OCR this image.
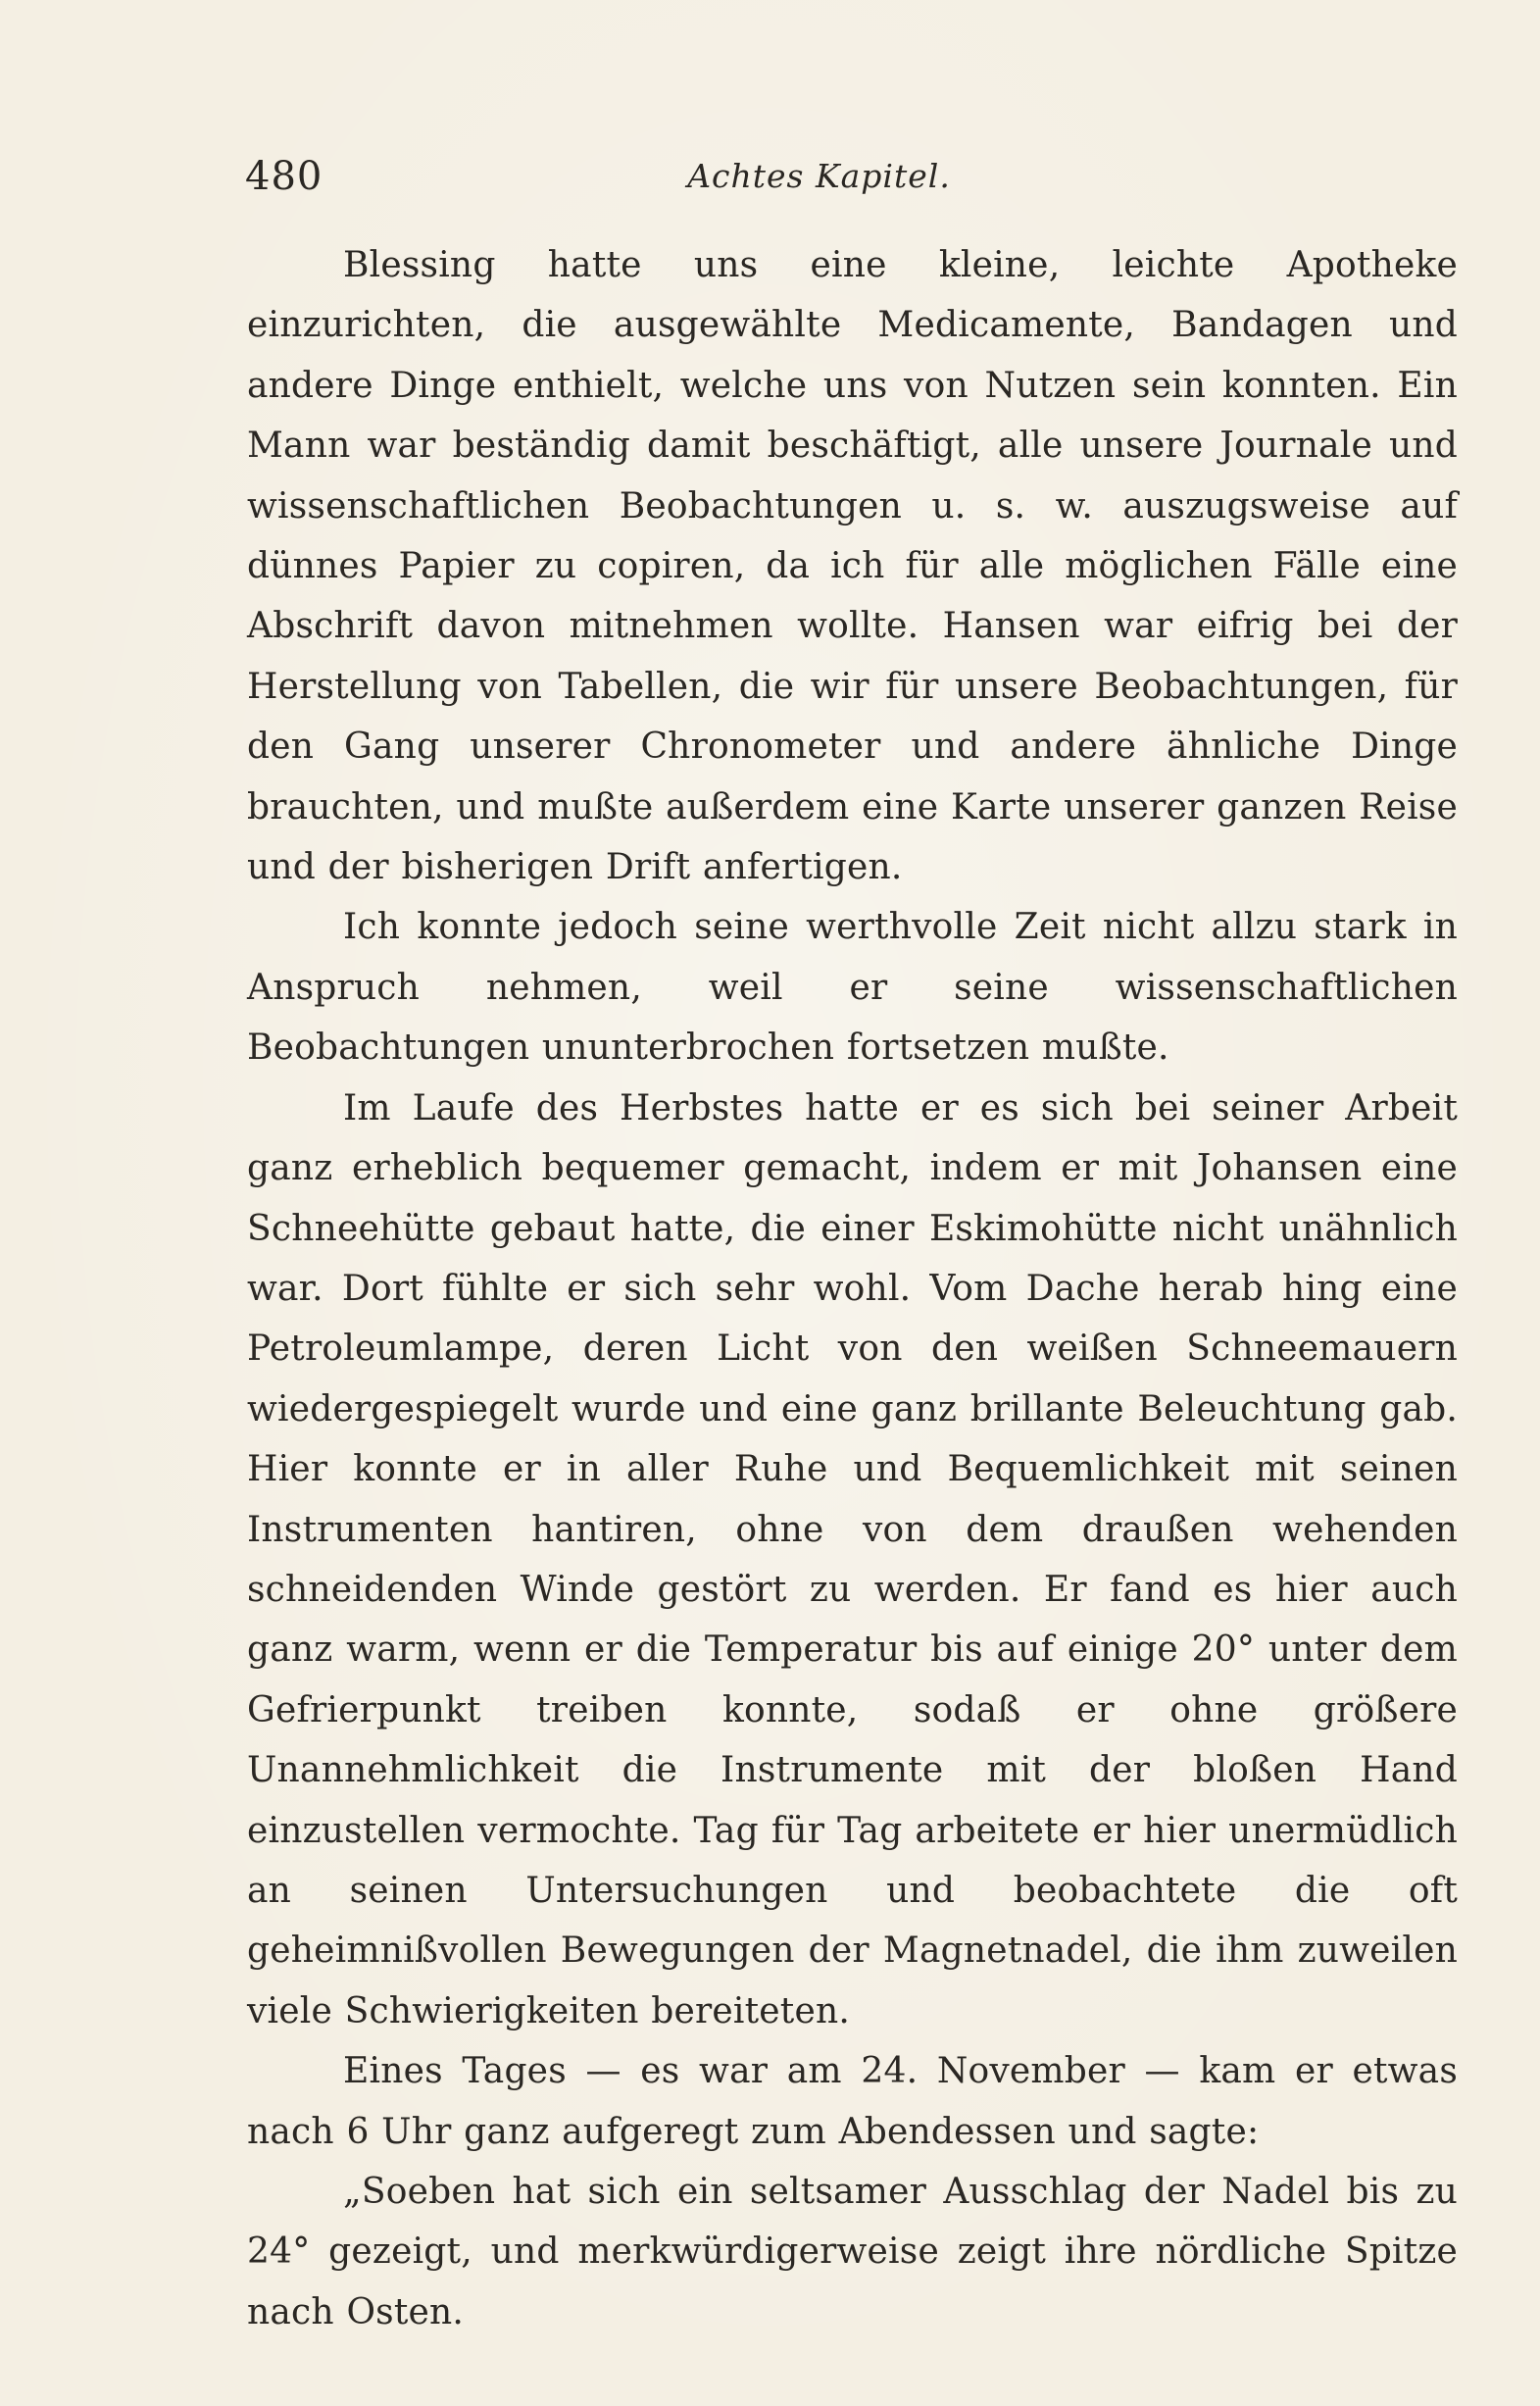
480	Achtes Kapitel.

Blessing hatte uns eine kleine, leichte Apotheke einzurichten, die ausgewählte Medicamente, Bandagen und andere Dinge enthielt, welche uns von Nutzen sein konnten. Ein Mann war beständig damit beschäftigt, alle unsere Journale und wissenschaftlichen Beobachtungen u. s. w. auszugsweise auf dünnes Papier zu copiren, da ich für alle möglichen Fälle eine Abschrift davon mitnehmen wollte. Hansen war eifrig bei der Herstellung von Tabellen, die wir für unsere Beobachtungen, für den Gang unserer Chronometer und andere ähnliche Dinge brauchten, und mußte außerdem eine Karte unserer ganzen Reise und der bisherigen Drift anfertigen.

Ich konnte jedoch seine werthvolle Zeit nicht allzu stark in Anspruch nehmen, weil er seine wissenschaftlichen Beobachtungen ununterbrochen fortsetzen mußte.

Im Laufe des Herbstes hatte er es sich bei seiner Arbeit ganz erheblich bequemer gemacht, indem er mit Johansen eine Schneehütte gebaut hatte, die einer Eskimohütte nicht unähnlich war. Dort fühlte er sich sehr wohl. Vom Dache herab hing eine Petroleumlampe, deren Licht von den weißen Schneemauern wiedergespiegelt wurde und eine ganz brillante Beleuchtung gab. Hier konnte er in aller Ruhe und Bequemlichkeit mit seinen Instrumenten hantiren, ohne von dem draußen wehenden schneidenden Winde gestört zu werden. Er fand es hier auch ganz warm, wenn er die Temperatur bis auf einige 20° unter dem Gefrierpunkt treiben konnte, sodaß er ohne größere Unannehmlichkeit die Instrumente mit der bloßen Hand einzustellen vermochte. Tag für Tag arbeitete er hier unermüdlich an seinen Untersuchungen und beobachtete die oft geheimnißvollen Bewegungen der Magnetnadel, die ihm zuweilen viele Schwierigkeiten bereiteten.

Eines Tages — es war am 24. November — kam er etwas nach 6 Uhr ganz aufgeregt zum Abendessen und sagte:

„Soeben hat sich ein seltsamer Ausschlag der Nadel bis zu 24° gezeigt, und merkwürdigerweise zeigt ihre nördliche Spitze nach Osten.
